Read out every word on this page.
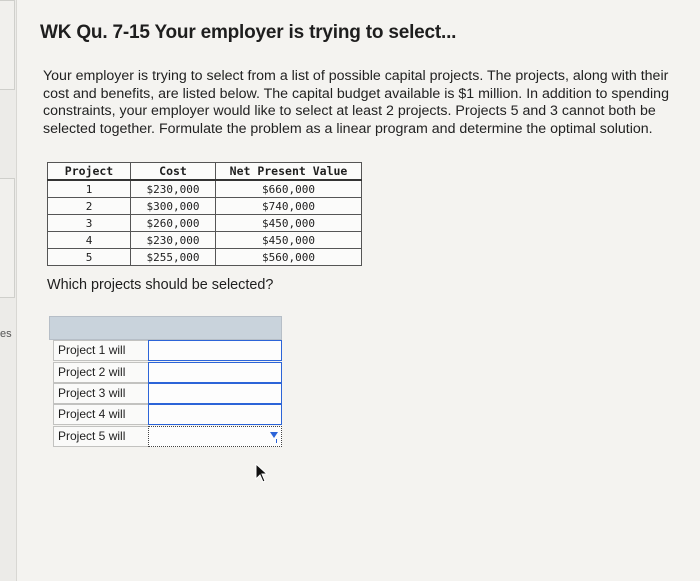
es
WK Qu. 7-15 Your employer is trying to select...
Your employer is trying to select from a list of possible capital projects. The projects, along with their cost and benefits, are listed below. The capital budget available is $1 million. In addition to spending constraints, your employer would like to select at least 2 projects. Projects 5 and 3 cannot both be selected together. Formulate the problem as a linear program and determine the optimal solution.
Project	Cost	Net Present Value
1	$230,000	$660,000
2	$300,000	$740,000
3	$260,000	$450,000
4	$230,000	$450,000
5	$255,000	$560,000
Which projects should be selected?
Project 1 will
Project 2 will
Project 3 will
Project 4 will
Project 5 will
